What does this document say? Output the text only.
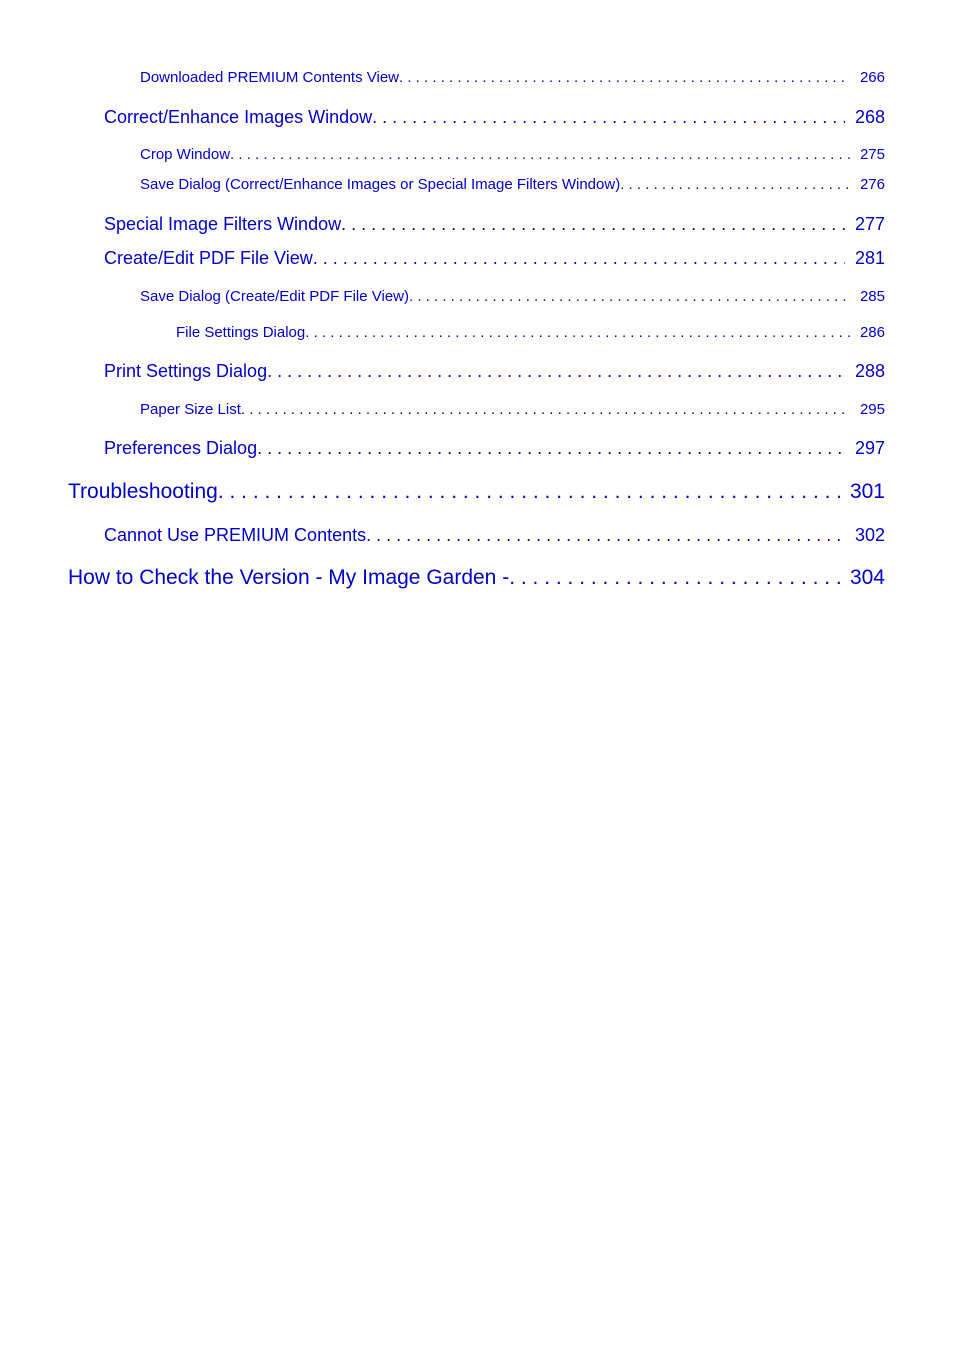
Downloaded PREMIUM Contents View . . .	266
Correct/Enhance Images Window . . .	268
Crop Window . . .	275
Save Dialog (Correct/Enhance Images or Special Image Filters Window) . . .	276
Special Image Filters Window . . .	277
Create/Edit PDF File View . . .	281
Save Dialog (Create/Edit PDF File View) . . .	285
File Settings Dialog . . .	286
Print Settings Dialog . . .	288
Paper Size List . . .	295
Preferences Dialog . . .	297
Troubleshooting . . .	301
Cannot Use PREMIUM Contents . . .	302
How to Check the Version - My Image Garden - . . .	304
